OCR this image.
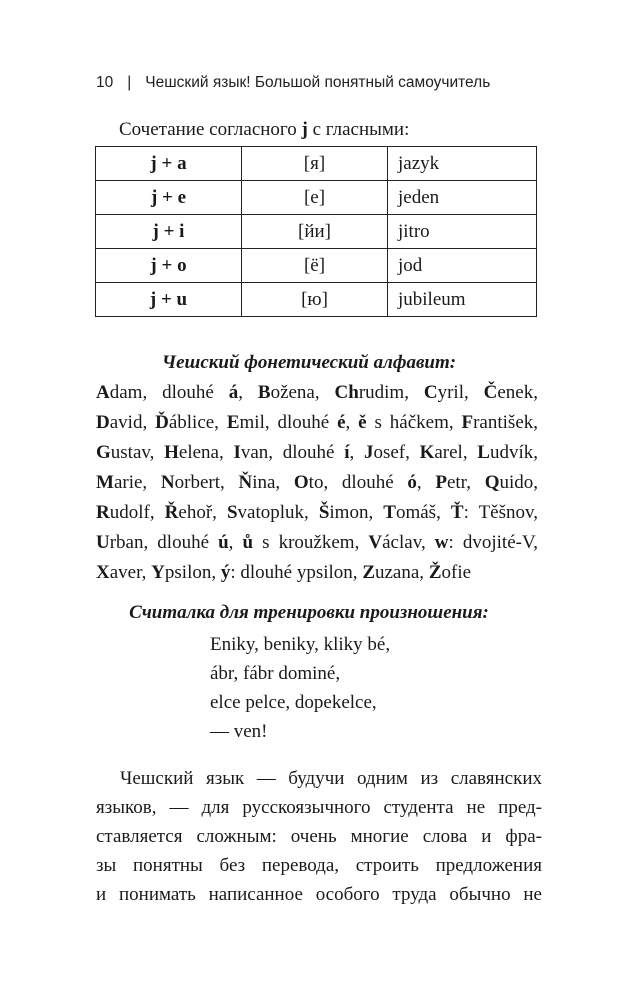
10 | Чешский язык! Большой понятный самоучитель
Сочетание согласного j с гласными:
j + a	[я]	jazyk
j + e	[е]	jeden
j + i	[йи]	jitro
j + o	[ё]	jod
j + u	[ю]	jubileum
Чешский фонетический алфавит:
Adam, dlouhé á, Božena, Chrudim, Cyril, Čenek,
David, Ďáblice, Emil, dlouhé é, ě s háčkem, František,
Gustav, Helena, Ivan, dlouhé í, Josef, Karel, Ludvík,
Marie, Norbert, Ňina, Oto, dlouhé ó, Petr, Quido,
Rudolf, Řehoř, Svatopluk, Šimon, Tomáš, Ť: Těšnov,
Urban, dlouhé ú, ů s kroužkem, Václav, w: dvojité-V,
Xaver, Ypsilon, ý: dlouhé ypsilon, Zuzana, Žofie
Считалка для тренировки произношения:
Eniky, beniky, kliky bé,
ábr, fábr dominé,
elce pelce, dopekelce,
— ven!
Чешский язык — будучи одним из славянских
языков, — для русскоязычного студента не пред-
ставляется сложным: очень многие слова и фра-
зы понятны без перевода, строить предложения
и понимать написанное особого труда обычно не
